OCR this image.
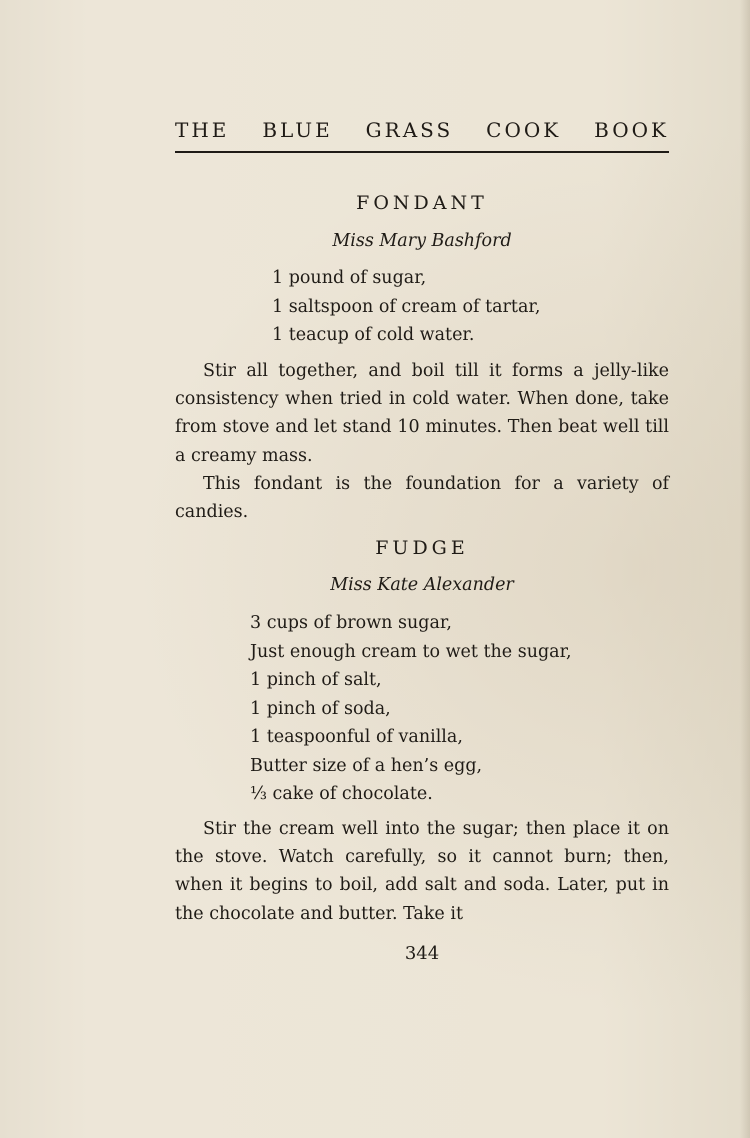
THE BLUE GRASS COOK BOOK
FONDANT
Miss Mary Bashford
1 pound of sugar,
1 saltspoon of cream of tartar,
1 teacup of cold water.

Stir all together, and boil till it forms a jelly-like consistency when tried in cold water. When done, take from stove and let stand 10 minutes. Then beat well till a creamy mass.

This fondant is the foundation for a variety of candies.

FUDGE
Miss Kate Alexander
3 cups of brown sugar,
Just enough cream to wet the sugar,
1 pinch of salt,
1 pinch of soda,
1 teaspoonful of vanilla,
Butter size of a hen’s egg,
⅓ cake of chocolate.

Stir the cream well into the sugar; then place it on the stove. Watch carefully, so it cannot burn; then, when it begins to boil, add salt and soda. Later, put in the chocolate and butter. Take it

344
